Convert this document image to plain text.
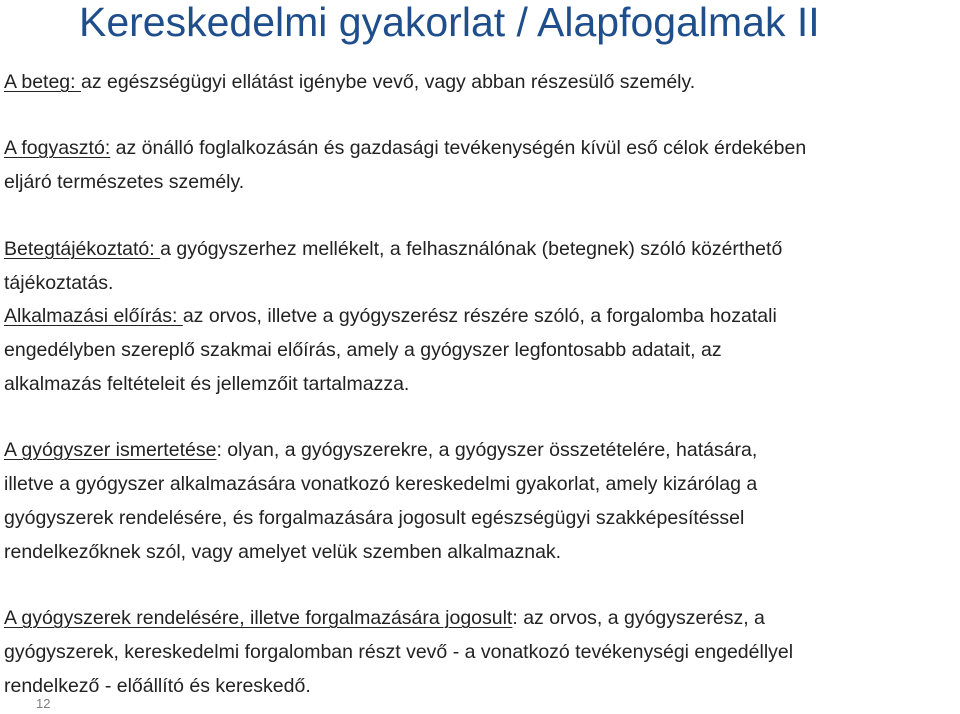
Kereskedelmi gyakorlat / Alapfogalmak II

A beteg: az egészségügyi ellátást igénybe vevő, vagy abban részesülő személy.

A fogyasztó: az önálló foglalkozásán és gazdasági tevékenységén kívül eső célok érdekében
eljáró természetes személy.

Betegtájékoztató: a gyógyszerhez mellékelt, a felhasználónak (betegnek) szóló közérthető
tájékoztatás.

Alkalmazási előírás: az orvos, illetve a gyógyszerész részére szóló, a forgalomba hozatali
engedélyben szereplő szakmai előírás, amely a gyógyszer legfontosabb adatait, az
alkalmazás feltételeit és jellemzőit tartalmazza.

A gyógyszer ismertetése: olyan, a gyógyszerekre, a gyógyszer összetételére, hatására,
illetve a gyógyszer alkalmazására vonatkozó kereskedelmi gyakorlat, amely kizárólag a
gyógyszerek rendelésére, és forgalmazására jogosult egészségügyi szakképesítéssel
rendelkezőknek szól, vagy amelyet velük szemben alkalmaznak.

A gyógyszerek rendelésére, illetve forgalmazására jogosult: az orvos, a gyógyszerész, a
gyógyszerek, kereskedelmi forgalomban részt vevő - a vonatkozó tevékenységi engedéllyel
rendelkező - előállító és kereskedő.

12
